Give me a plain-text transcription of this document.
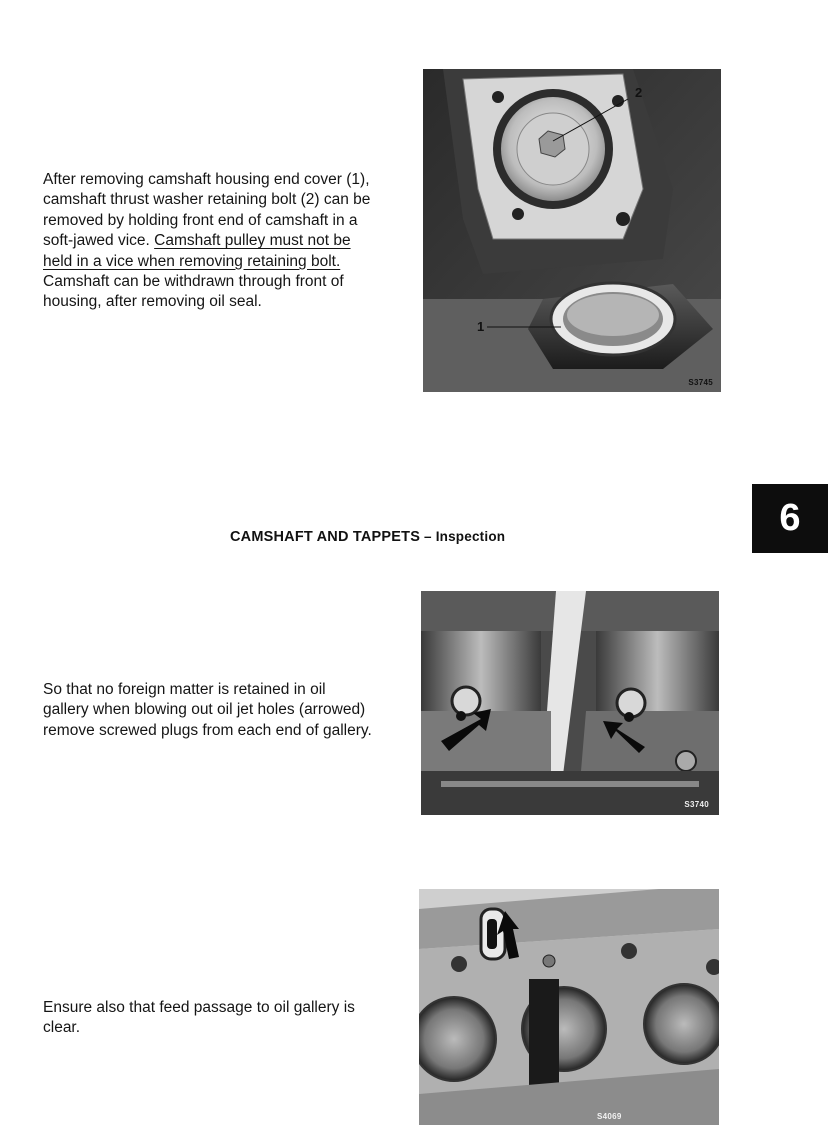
After removing camshaft housing end cover (1), camshaft thrust washer retaining bolt (2) can be removed by holding front end of camshaft in a soft-jawed vice. Camshaft pulley must not be held in a vice when removing retaining bolt. Camshaft can be withdrawn through front of housing, after removing oil seal.

2
1
S3745
6
CAMSHAFT AND TAPPETS – Inspection

So that no foreign matter is retained in oil gallery when blowing out oil jet holes (arrowed) remove screwed plugs from each end of gallery.

S3740

Ensure also that feed passage to oil gallery is clear.

S4069
